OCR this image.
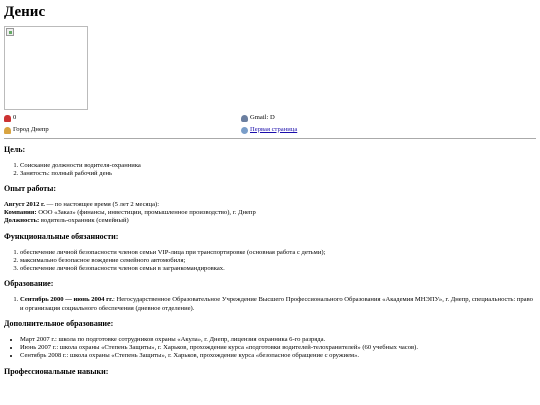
Денис
0	Gmail: D
Город Днепр	Первая страница
Цель:
1. Соискание должности водителя-охранника
2. Занятость: полный рабочий день
Опыт работы:

Август 2012 г. — по настоящее время (5 лет 2 месяца):

Компания: ООО «Заказ» (финансы, инвестиции, промышленное производство), г. Днепр

Должность: водитель-охранник (семейный)

Функциональные обязанности:
1. обеспечение личной безопасности членов семьи VIP-лица при транспортировке (основная работа с детьми);
2. максимально безопасное вождение семейного автомобиля;
3. обеспечение личной безопасности членов семьи в загранкомандировках.
Образование:
1. Сентябрь 2000 — июнь 2004 гг.: Негосударственное Образовательное Учреждение Высшего Профессионального Образования «Академия МНЭПУ», г. Днепр, специальность: право и организация социального обеспечения (дневное отделение).
Дополнительное образование:
• Март 2007 г.: школа по подготовке сотрудников охраны «Акула», г. Днепр, лицензия охранника 6-го разряда.
• Июнь 2007 г.: школа охраны «Степень Защиты», г. Харьков, прохождение курса «подготовки водителей-телохранителей» (60 учебных часов).
• Сентябрь 2008 г.: школа охраны «Степень Защиты», г. Харьков, прохождение курса «безопасное обращение с оружием».
Профессиональные навыки:
